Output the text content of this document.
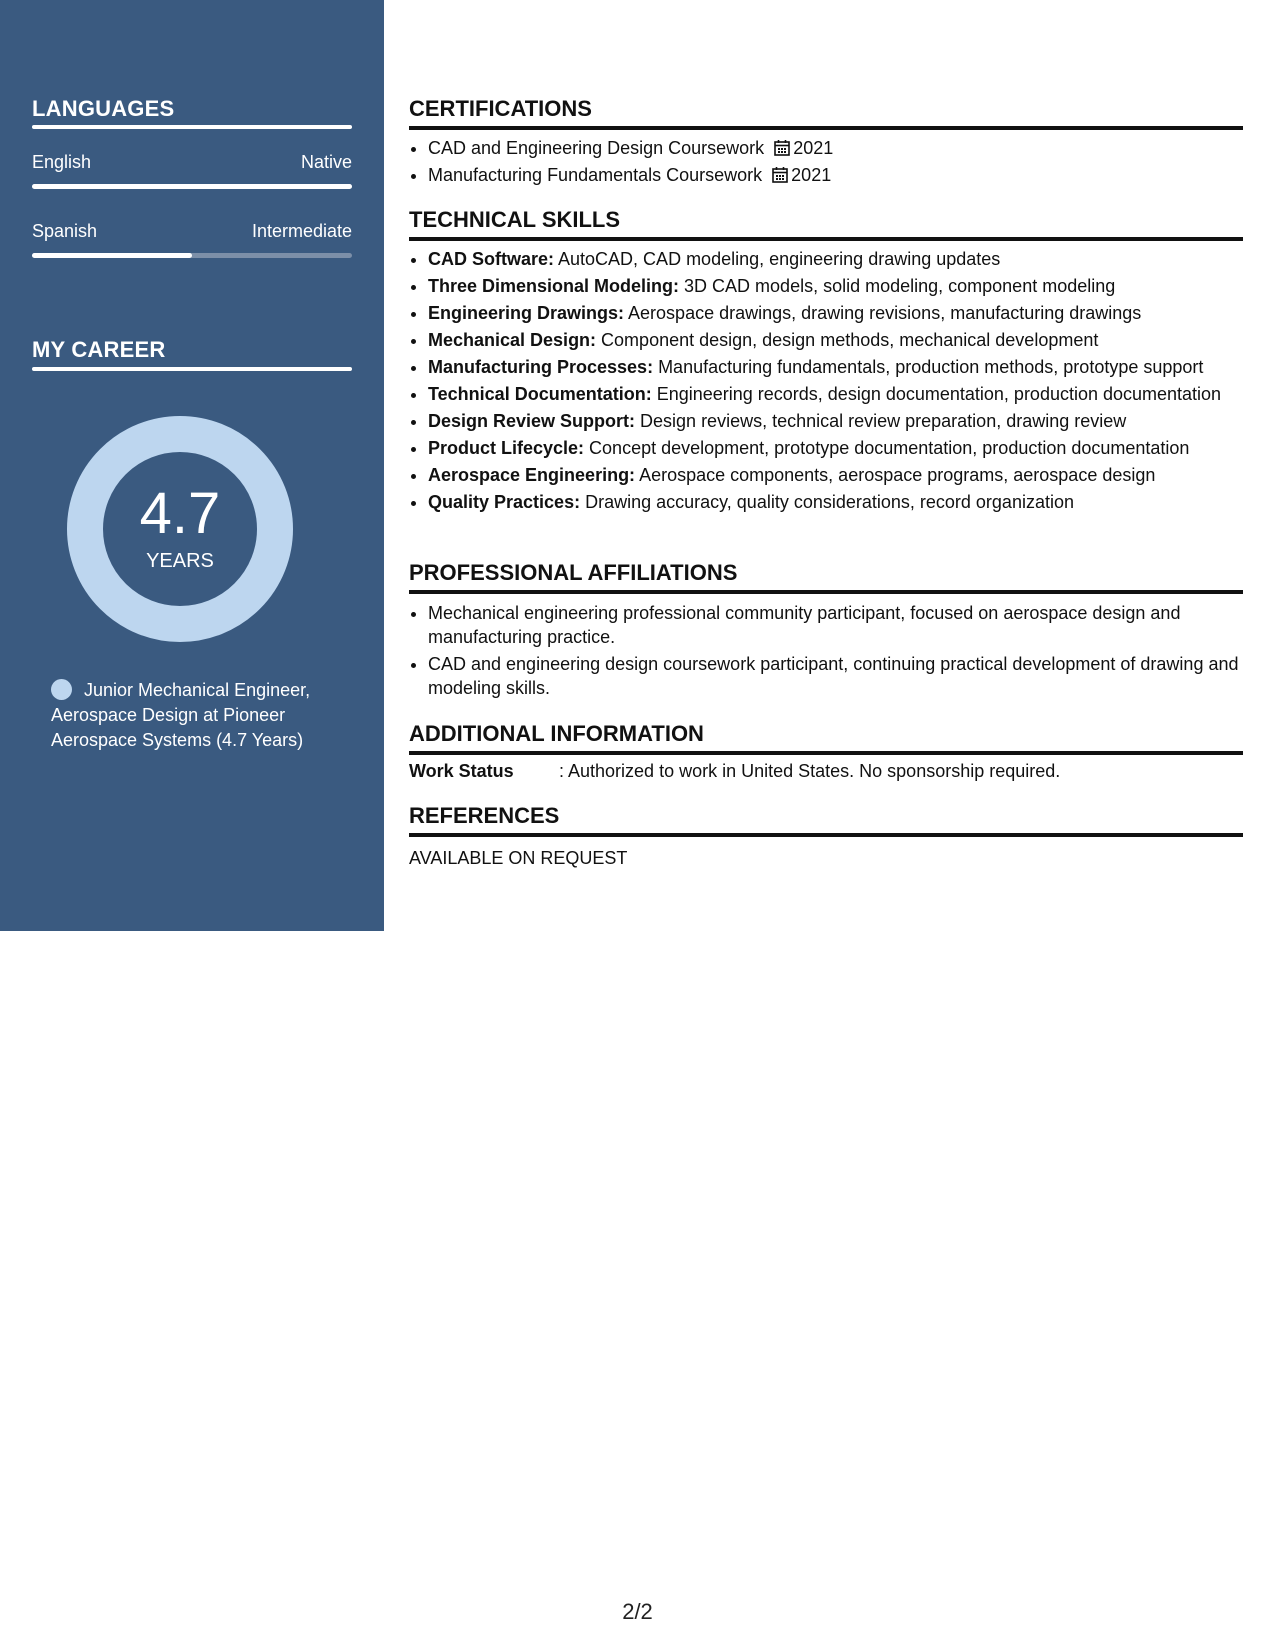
LANGUAGES
English	Native
Spanish	Intermediate
MY CAREER
4.7
YEARS
Junior Mechanical Engineer, Aerospace Design at Pioneer Aerospace Systems (4.7 Years)
CERTIFICATIONS
• CAD and Engineering Design Coursework 2021
• Manufacturing Fundamentals Coursework 2021
TECHNICAL SKILLS
• CAD Software: AutoCAD, CAD modeling, engineering drawing updates
• Three Dimensional Modeling: 3D CAD models, solid modeling, component modeling
• Engineering Drawings: Aerospace drawings, drawing revisions, manufacturing drawings
• Mechanical Design: Component design, design methods, mechanical development
• Manufacturing Processes: Manufacturing fundamentals, production methods, prototype support
• Technical Documentation: Engineering records, design documentation, production documentation
• Design Review Support: Design reviews, technical review preparation, drawing review
• Product Lifecycle: Concept development, prototype documentation, production documentation
• Aerospace Engineering: Aerospace components, aerospace programs, aerospace design
• Quality Practices: Drawing accuracy, quality considerations, record organization
PROFESSIONAL AFFILIATIONS
• Mechanical engineering professional community participant, focused on aerospace design and manufacturing practice.
• CAD and engineering design coursework participant, continuing practical development of drawing and modeling skills.
ADDITIONAL INFORMATION
Work Status	: Authorized to work in United States. No sponsorship required.
REFERENCES
AVAILABLE ON REQUEST
2/2
